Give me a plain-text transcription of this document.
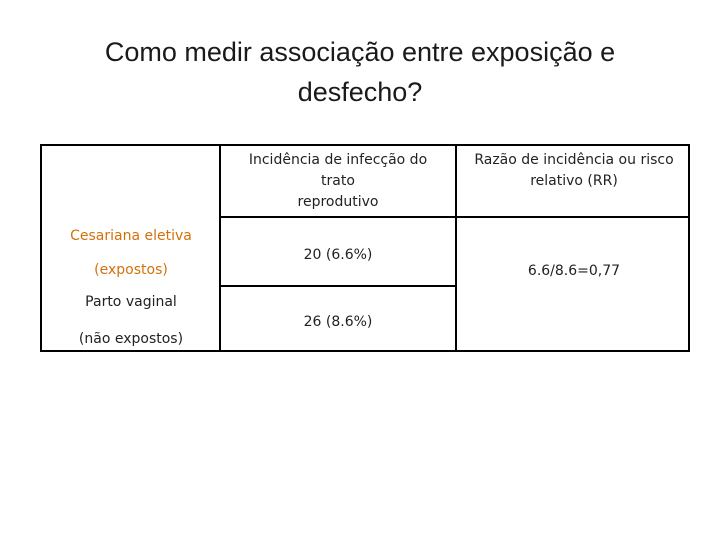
Como medir associação entre exposição e
desfecho?
Incidência de infecção do
trato
reprodutivo
Razão de incidência ou risco
relativo (RR)
Cesariana eletiva
(expostos)
Parto vaginal
(não expostos)
20 (6.6%)
26 (8.6%)
6.6/8.6=0,77
